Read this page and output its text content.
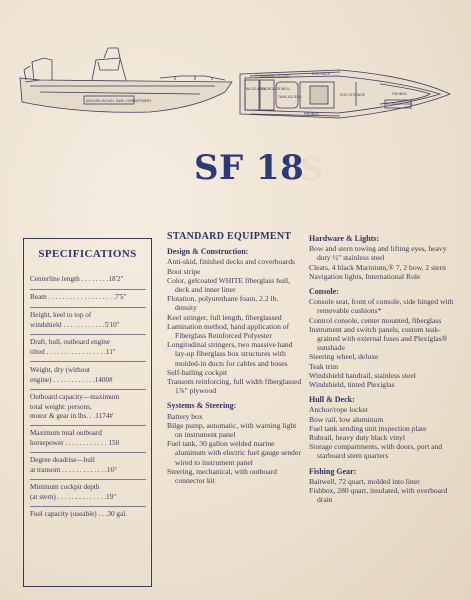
MOLDED-IN FUEL TANK COMPARTMENT
ROD RACK
FISHBOX
STORAGE AREA
ANCHOR LOCKER
OUTBOARD WELL
BILGE AREA
TANK ACCESS	ROD STORAGE
FISHBOX
S
SF 18
SPECIFICATIONS
Centerline length . . . . . . . .18'2"
Beam . . . . . . . . . . . . . . . . . . .7'5"
Height, keel to top of
windshield . . . . . . . . . . . .5'10"
Draft, hull, outboard engine
tilted . . . . . . . . . . . . . . . . .11"
Weight, dry (without
engine) . . . . . . . . . . . .1400#
Outboard capacity—maximum
total weight: persons,
motor & gear in lbs. . .1174#
Maximum total outboard
horsepower . . . . . . . . . . . . 150
Degree deadrise—hull
at transom . . . . . . . . . . . . .16°
Minimum cockpit depth
(at stern) . . . . . . . . . . . . . .19"
Fuel capacity (useable) . . .30 gal.
STANDARD EQUIPMENT
Design & Construction:
Anti-skid, finished decks and coverboards
Boot stripe
Color, gelcoated WHITE fiberglass hull, deck and inner liner
Flotation, polyurethane foam, 2.2 lb. density
Keel stringer, full length, fiberglassed
Lamination method, hand application of Fiberglass Reinforced Polyester
Longitudinal stringers, two massive hand lay-up fiberglass box structures with molded-in ducts for cables and hoses
Self-bailing cockpit
Transom reinforcing, full width fiberglassed 1⅞" plywood
Systems & Steering:
Battery box
Bilge pump, automatic, with warning light on instrument panel
Fuel tank, 30 gallon welded marine aluminum with electric fuel gauge sender wired to instrument panel
Steering, mechanical, with outboard connector kit
Hardware & Lights:
Bow and stern towing and lifting eyes, heavy duty ½" stainless steel
Cleats, 4 black Marinium,® 7, 2 bow, 2 stern
Navigation lights, International Rule
Console:
Console seat, front of console, side hinged with removable cushions*
Control console, center mounted, fiberglass
Instrument and switch panels, custom teak-grained with external fuses and Plexiglas® sunshade
Steering wheel, deluxe
Teak trim
Windshield handrail, stainless steel
Windshield, tinted Plexiglas
Hull & Deck:
Anchor/rope locker
Bow rail, low aluminum
Fuel tank sending unit inspection plate
Rubrail, heavy duty black vinyl
Storage compartments, with doors, port and starboard stern quarters
Fishing Gear:
Baitwell, 72 quart, molded into liner
Fishbox, 280 quart, insulated, with overboard drain
